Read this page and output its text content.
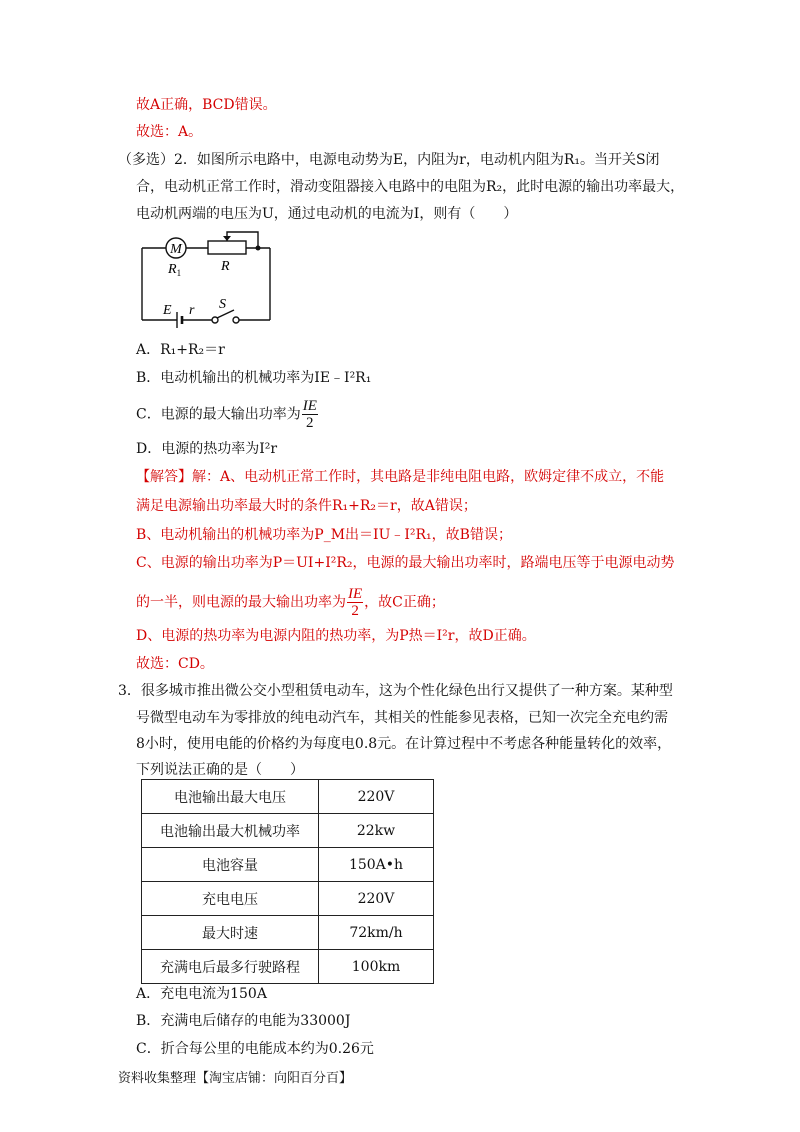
故A正确，BCD错误。
故选：A。
（多选）2．如图所示电路中，电源电动势为E，内阻为r，电动机内阻为R₁。当开关S闭
合，电动机正常工作时，滑动变阻器接入电路中的电阻为R₂，此时电源的输出功率最大，
电动机两端的电压为U，通过电动机的电流为I，则有（　　）
M
$R_1$	R
E r S
A．R₁+R₂＝r
B．电动机输出的机械功率为IE﹣I²R₁
C．电源的最大输出功率为 $\frac{IE}{2}$
D．电源的热功率为I²r
【解答】解：A、电动机正常工作时，其电路是非纯电阻电路，欧姆定律不成立，不能
满足电源输出功率最大时的条件R₁+R₂＝r，故A错误；
B、电动机输出的机械功率为P_M出＝IU﹣I²R₁，故B错误；
C、电源的输出功率为P＝UI+I²R₂，电源的最大输出功率时，路端电压等于电源电动势
的一半，则电源的最大输出功率为 $\frac{IE}{2}$ ，故C正确；
D、电源的热功率为电源内阻的热功率，为P热＝I²r，故D正确。
故选：CD。
3．很多城市推出微公交小型租赁电动车，这为个性化绿色出行又提供了一种方案。某种型
号微型电动车为零排放的纯电动汽车，其相关的性能参见表格，已知一次完全充电约需
8小时，使用电能的价格约为每度电0.8元。在计算过程中不考虑各种能量转化的效率，
下列说法正确的是（　　）
电池输出最大电压	220V
电池输出最大机械功率	22kw
电池容量	150A•h
充电电压	220V
最大时速	72km/h
充满电后最多行驶路程	100km
A．充电电流为150A
B．充满电后储存的电能为33000J
C．折合每公里的电能成本约为0.26元
资料收集整理【淘宝店铺：向阳百分百】
